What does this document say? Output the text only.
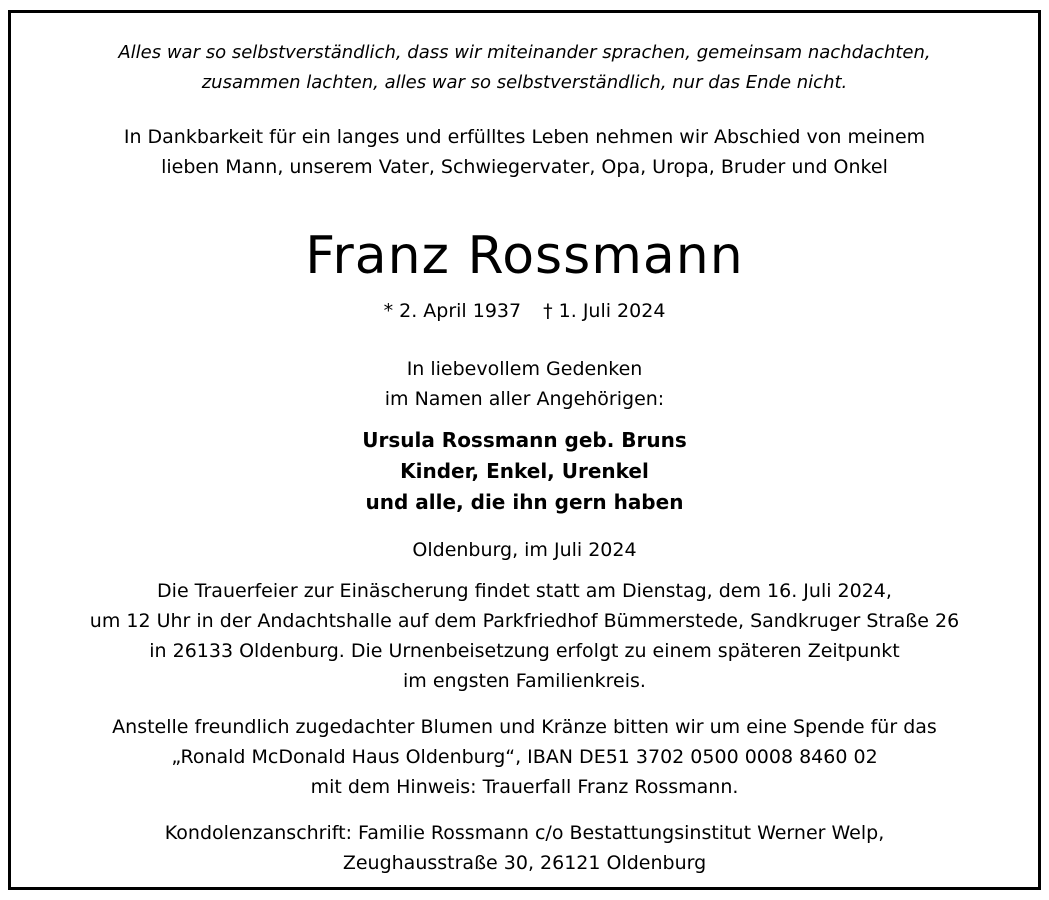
Alles war so selbstverständlich, dass wir miteinander sprachen, gemeinsam nachdachten,
zusammen lachten, alles war so selbstverständlich, nur das Ende nicht.
In Dankbarkeit für ein langes und erfülltes Leben nehmen wir Abschied von meinem
lieben Mann, unserem Vater, Schwiegervater, Opa, Uropa, Bruder und Onkel
Franz Rossmann
* 2. April 1937 † 1. Juli 2024
In liebevollem Gedenken
im Namen aller Angehörigen:
Ursula Rossmann geb. Bruns
Kinder, Enkel, Urenkel
und alle, die ihn gern haben
Oldenburg, im Juli 2024
Die Trauerfeier zur Einäscherung findet statt am Dienstag, dem 16. Juli 2024,
um 12 Uhr in der Andachtshalle auf dem Parkfriedhof Bümmerstede, Sandkruger Straße 26
in 26133 Oldenburg. Die Urnenbeisetzung erfolgt zu einem späteren Zeitpunkt
im engsten Familienkreis.
Anstelle freundlich zugedachter Blumen und Kränze bitten wir um eine Spende für das
„Ronald McDonald Haus Oldenburg“, IBAN DE51 3702 0500 0008 8460 02
mit dem Hinweis: Trauerfall Franz Rossmann.
Kondolenzanschrift: Familie Rossmann c/o Bestattungsinstitut Werner Welp,
Zeughausstraße 30, 26121 Oldenburg
